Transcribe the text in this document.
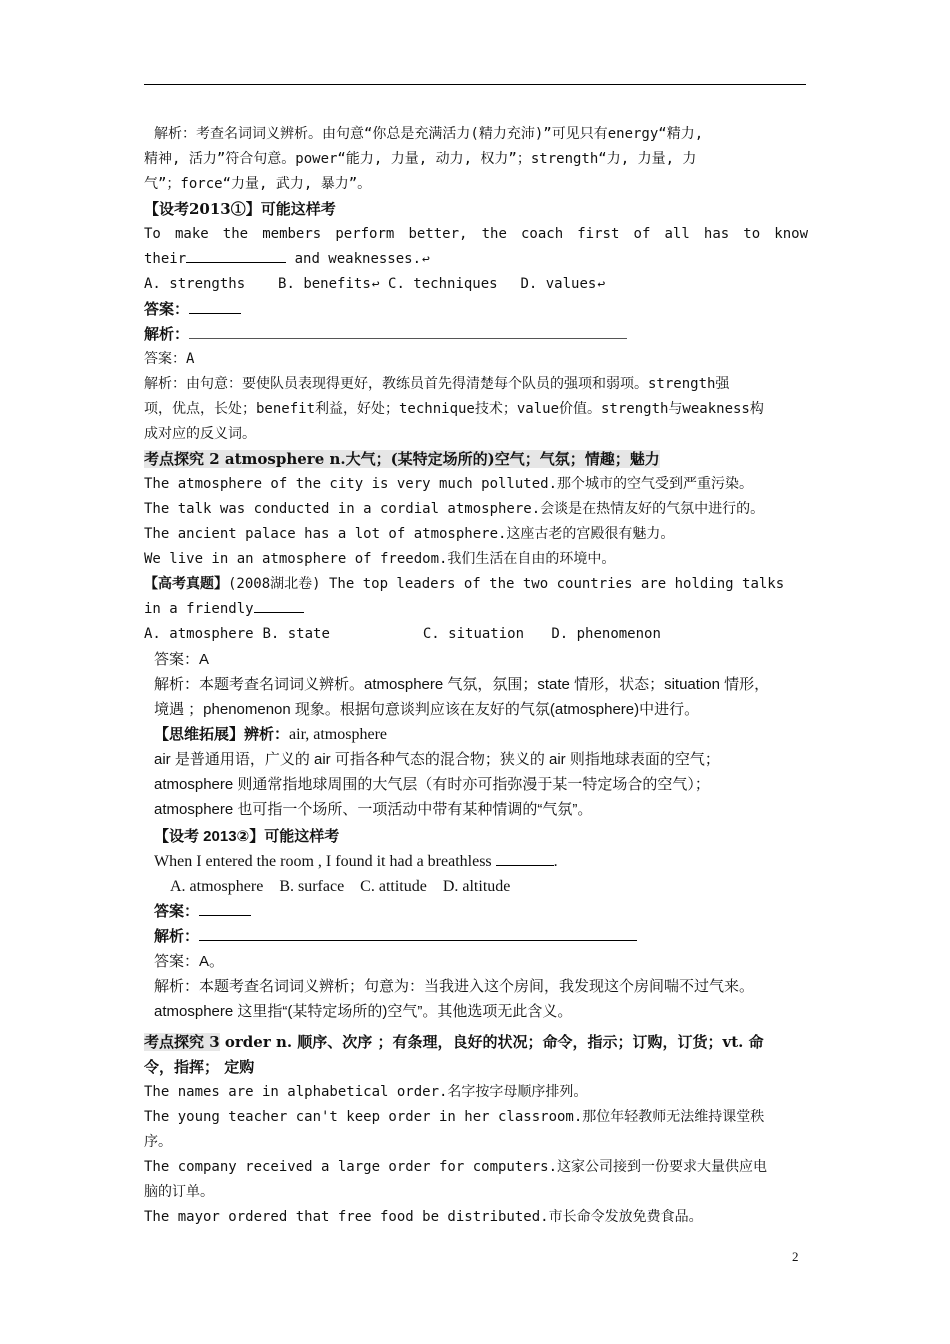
解析：考查名词词义辨析。由句意“你总是充满活力(精力充沛)”可见只有energy“精力,

精神, 活力”符合句意。power“能力, 力量, 动力, 权力”；strength“力, 力量, 力

气”；force“力量, 武力, 暴力”。

【设考2013①】可能这样考

To make the members perform better, the coach first of all has to know

their	and weaknesses.↩

A. strengths B. benefits↩ C. techniques D. values↩

答案：

解析：

答案：A

解析：由句意：要使队员表现得更好，教练员首先得清楚每个队员的强项和弱项。strength强

项，优点，长处；benefit利益，好处；technique技术；value价值。strength与weakness构

成对应的反义词。

考点探究 2 atmosphere n.大气；(某特定场所的)空气；气氛；情趣；魅力

The atmosphere of the city is very much polluted.那个城市的空气受到严重污染。

The talk was conducted in a cordial atmosphere.会谈是在热情友好的气氛中进行的。

The ancient palace has a lot of atmosphere.这座古老的宫殿很有魅力。

We live in an atmosphere of freedom.我们生活在自由的环境中。

【高考真题】(2008湖北卷) The top leaders of the two countries are holding talks

in a friendly

A. atmosphere B. state	C. situation D. phenomenon

答案：A

解析：本题考查名词词义辨析。atmosphere 气氛，氛围；state 情形，状态；situation 情形，

境遇 ；phenomenon 现象。根据句意谈判应该在友好的气氛(atmosphere)中进行。

【思维拓展】辨析：air, atmosphere

air 是普通用语，广义的 air 可指各种气态的混合物；狭义的 air 则指地球表面的空气；

atmosphere 则通常指地球周围的大气层（有时亦可指弥漫于某一特定场合的空气）；

atmosphere 也可指一个场所、一项活动中带有某种情调的“气氛”。

【设考 2013②】可能这样考

When I entered the room , I found it had a breathless	.

A. atmosphere B. surface C. attitude D. altitude

答案：

解析：

答案：A。

解析：本题考查名词词义辨析；句意为：当我进入这个房间，我发现这个房间喘不过气来。

atmosphere 这里指“(某特定场所的)空气”。其他选项无此含义。

考点探究 3 order n. 顺序、次序 ；有条理，良好的状况；命令，指示；订购，订货；vt. 命

令，指挥； 定购

The names are in alphabetical order.名字按字母顺序排列。

The young teacher can't keep order in her classroom.那位年轻教师无法维持课堂秩

序。

The company received a large order for computers.这家公司接到一份要求大量供应电

脑的订单。

The mayor ordered that free food be distributed.市长命令发放免费食品。

2
